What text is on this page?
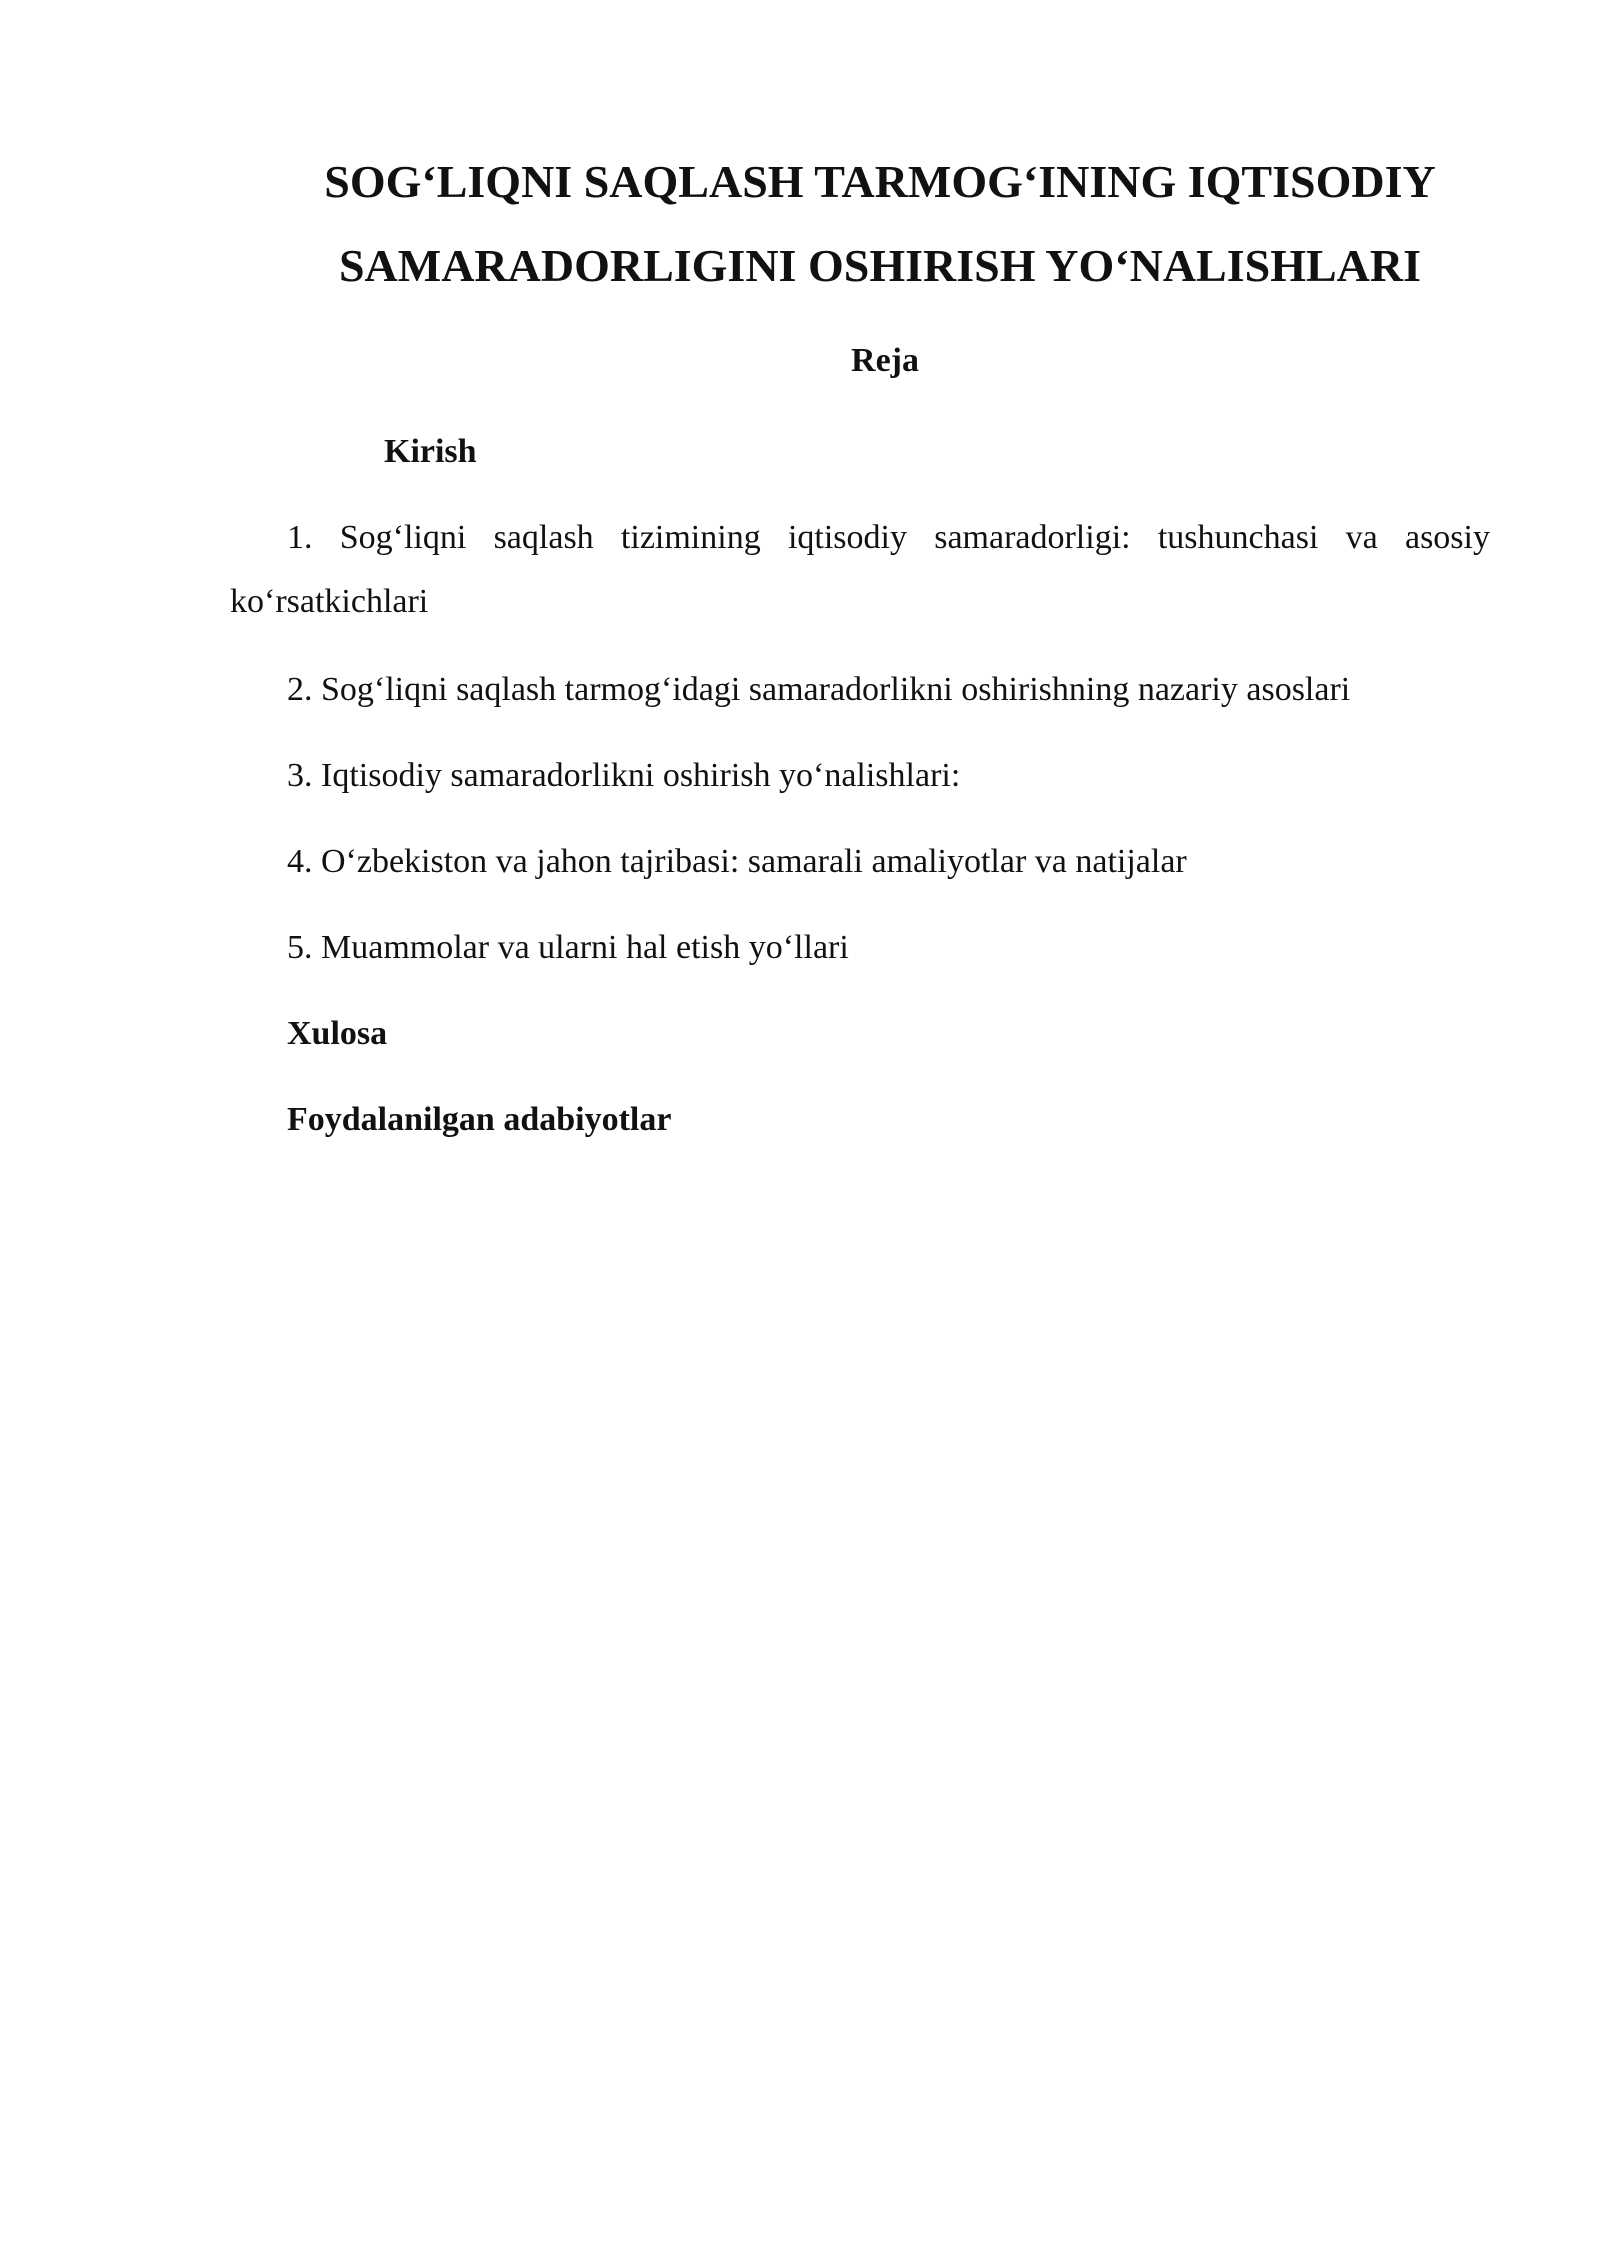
SOG‘LIQNI SAQLASH TARMOG‘INING IQTISODIY
SAMARADORLIGINI OSHIRISH YO‘NALISHLARI

Reja

Kirish

1. Sog‘liqni saqlash tizimining iqtisodiy samaradorligi: tushunchasi va asosiy ko‘rsatkichlari

2. Sog‘liqni saqlash tarmog‘idagi samaradorlikni oshirishning nazariy asoslari

3. Iqtisodiy samaradorlikni oshirish yo‘nalishlari:

4. O‘zbekiston va jahon tajribasi: samarali amaliyotlar va natijalar

5. Muammolar va ularni hal etish yo‘llari

Xulosa

Foydalanilgan adabiyotlar
